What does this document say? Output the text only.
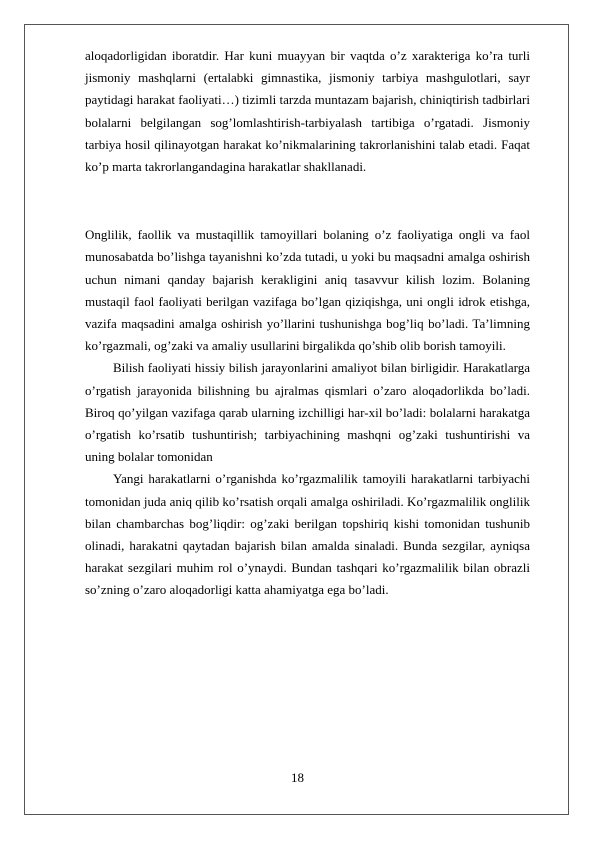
aloqadorligidan iboratdir. Har kuni muayyan bir vaqtda o’z xarakteriga ko’ra turli jismoniy mashqlarni (ertalabki gimnastika, jismoniy tarbiya mashgulotlari, sayr paytidagi harakat faoliyati…) tizimli tarzda muntazam bajarish, chiniqtirish tadbirlari bolalarni belgilangan sog’lomlashtirish-tarbiyalash tartibiga o’rgatadi. Jismoniy tarbiya hosil qilinayotgan harakat ko’nikmalarining takrorlanishini talab etadi. Faqat ko’p marta takrorlangandagina harakatlar shakllanadi.

Onglilik, faollik va mustaqillik tamoyillari bolaning o’z faoliyatiga ongli va faol munosabatda bo’lishga tayanishni ko’zda tutadi, u yoki bu maqsadni amalga oshirish uchun nimani qanday bajarish kerakligini aniq tasavvur kilish lozim. Bolaning mustaqil faol faoliyati berilgan vazifaga bo’lgan qiziqishga, uni ongli idrok etishga, vazifa maqsadini amalga oshirish yo’llarini tushunishga bog’liq bo’ladi. Ta’limning ko’rgazmali, og’zaki va amaliy usullarini birgalikda qo’shib olib borish tamoyili.

Bilish faoliyati hissiy bilish jarayonlarini amaliyot bilan birligidir. Harakatlarga o’rgatish jarayonida bilishning bu ajralmas qismlari o’zaro aloqadorlikda bo’ladi. Biroq qo’yilgan vazifaga qarab ularning izchilligi har-xil bo’ladi: bolalarni harakatga o’rgatish ko’rsatib tushuntirish; tarbiyachining mashqni og’zaki tushuntirishi va uning bolalar tomonidan

Yangi harakatlarni o’rganishda ko’rgazmalilik tamoyili harakatlarni tarbiyachi tomonidan juda aniq qilib ko’rsatish orqali amalga oshiriladi. Ko’rgazmalilik onglilik bilan chambarchas bog’liqdir: og’zaki berilgan topshiriq kishi tomonidan tushunib olinadi, harakatni qaytadan bajarish bilan amalda sinaladi. Bunda sezgilar, ayniqsa harakat sezgilari muhim rol o’ynaydi. Bundan tashqari ko’rgazmalilik bilan obrazli so’zning o’zaro aloqadorligi katta ahamiyatga ega bo’ladi.

18
